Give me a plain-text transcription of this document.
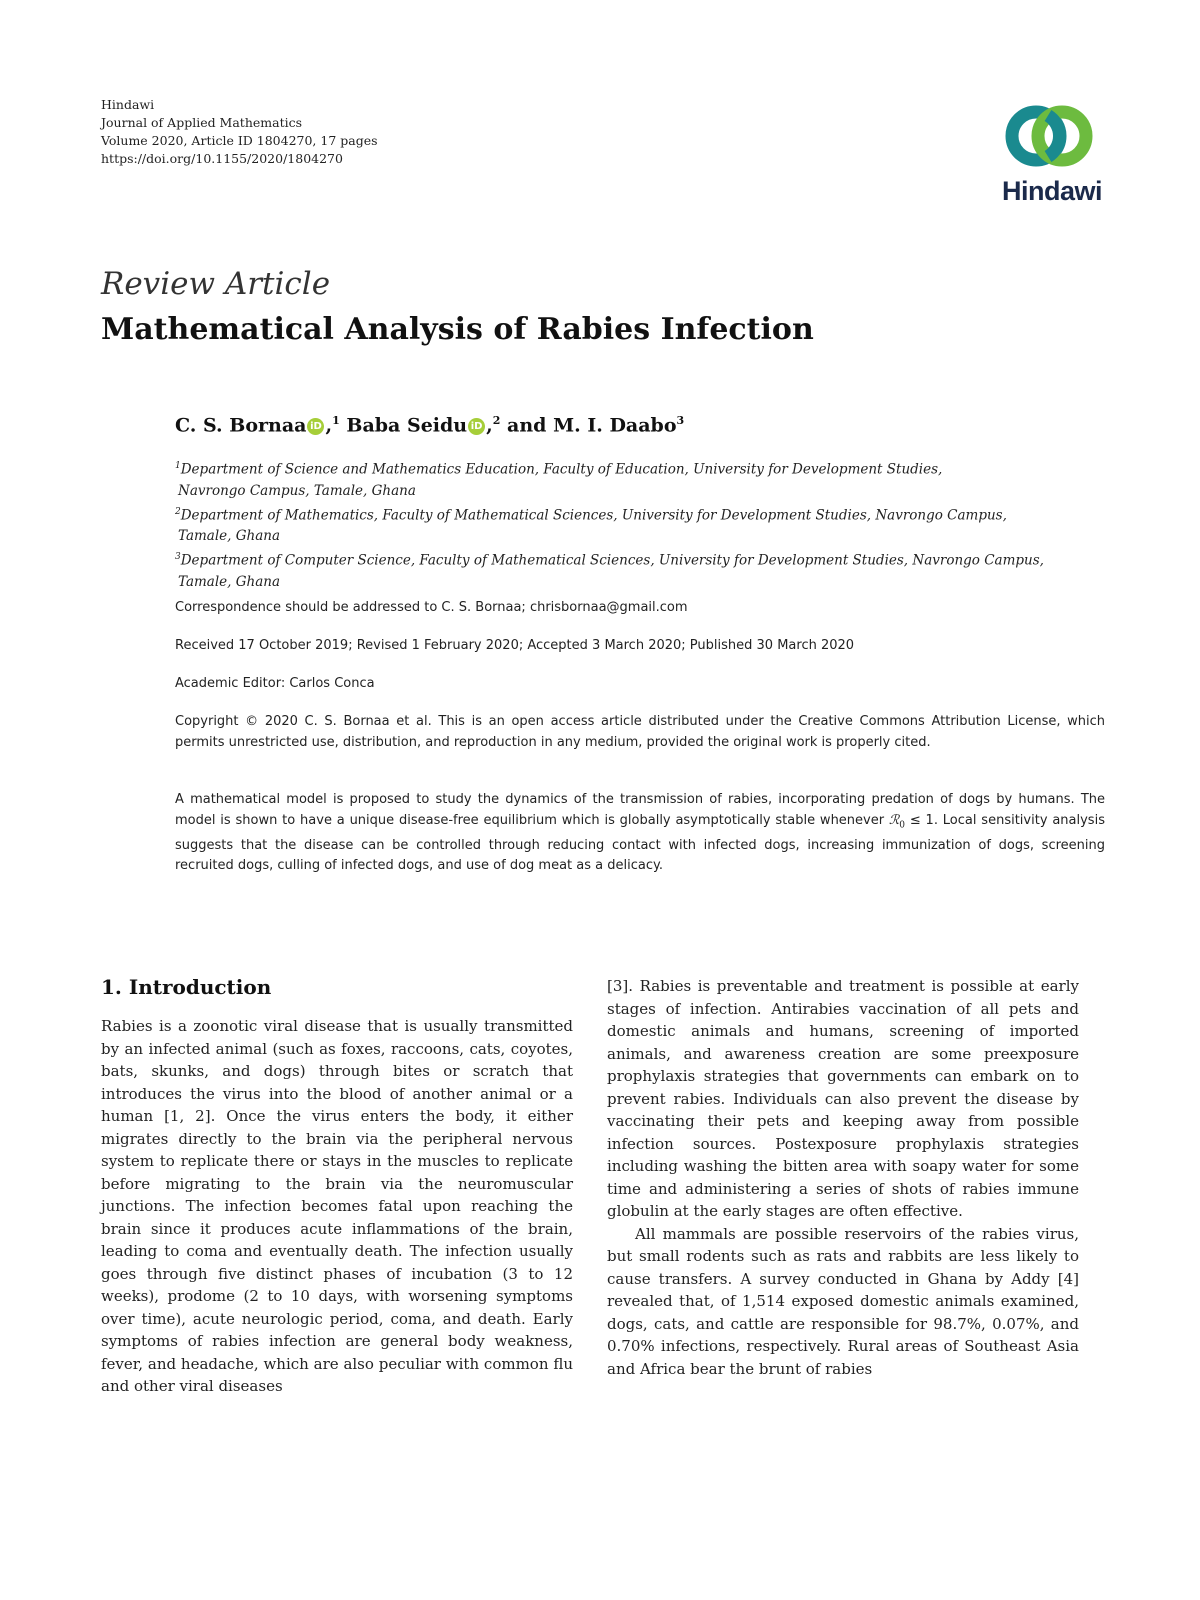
Hindawi
Journal of Applied Mathematics
Volume 2020, Article ID 1804270, 17 pages
https://doi.org/10.1155/2020/1804270
Hindawi
Review Article
Mathematical Analysis of Rabies Infection
C. S. Bornaa iD ,$^1$ Baba Seidu iD ,$^2$ and M. I. Daabo$^3$
$^1$Department of Science and Mathematics Education, Faculty of Education, University for Development Studies,
Navrongo Campus, Tamale, Ghana
$^2$Department of Mathematics, Faculty of Mathematical Sciences, University for Development Studies, Navrongo Campus,
Tamale, Ghana
$^3$Department of Computer Science, Faculty of Mathematical Sciences, University for Development Studies, Navrongo Campus,
Tamale, Ghana
Correspondence should be addressed to C. S. Bornaa; chrisbornaa@gmail.com
Received 17 October 2019; Revised 1 February 2020; Accepted 3 March 2020; Published 30 March 2020
Academic Editor: Carlos Conca
Copyright © 2020 C. S. Bornaa et al. This is an open access article distributed under the Creative Commons Attribution License, which permits unrestricted use, distribution, and reproduction in any medium, provided the original work is properly cited.
A mathematical model is proposed to study the dynamics of the transmission of rabies, incorporating predation of dogs by humans. The model is shown to have a unique disease-free equilibrium which is globally asymptotically stable whenever ℛ$_0$ ≤ 1. Local sensitivity analysis suggests that the disease can be controlled through reducing contact with infected dogs, increasing immunization of dogs, screening recruited dogs, culling of infected dogs, and use of dog meat as a delicacy.
1. Introduction

Rabies is a zoonotic viral disease that is usually transmitted by an infected animal (such as foxes, raccoons, cats, coyotes, bats, skunks, and dogs) through bites or scratch that introduces the virus into the blood of another animal or a human [1, 2]. Once the virus enters the body, it either migrates directly to the brain via the peripheral nervous system to replicate there or stays in the muscles to replicate before migrating to the brain via the neuromuscular junctions. The infection becomes fatal upon reaching the brain since it produces acute inflammations of the brain, leading to coma and eventually death. The infection usually goes through five distinct phases of incubation (3 to 12 weeks), prodome (2 to 10 days, with worsening symptoms over time), acute neurologic period, coma, and death. Early symptoms of rabies infection are general body weakness, fever, and headache, which are also peculiar with common flu and other viral diseases

[3]. Rabies is preventable and treatment is possible at early stages of infection. Antirabies vaccination of all pets and domestic animals and humans, screening of imported animals, and awareness creation are some preexposure prophylaxis strategies that governments can embark on to prevent rabies. Individuals can also prevent the disease by vaccinating their pets and keeping away from possible infection sources. Postexposure prophylaxis strategies including washing the bitten area with soapy water for some time and administering a series of shots of rabies immune globulin at the early stages are often effective.

All mammals are possible reservoirs of the rabies virus, but small rodents such as rats and rabbits are less likely to cause transfers. A survey conducted in Ghana by Addy [4] revealed that, of 1,514 exposed domestic animals examined, dogs, cats, and cattle are responsible for 98.7%, 0.07%, and 0.70% infections, respectively. Rural areas of Southeast Asia and Africa bear the brunt of rabies
